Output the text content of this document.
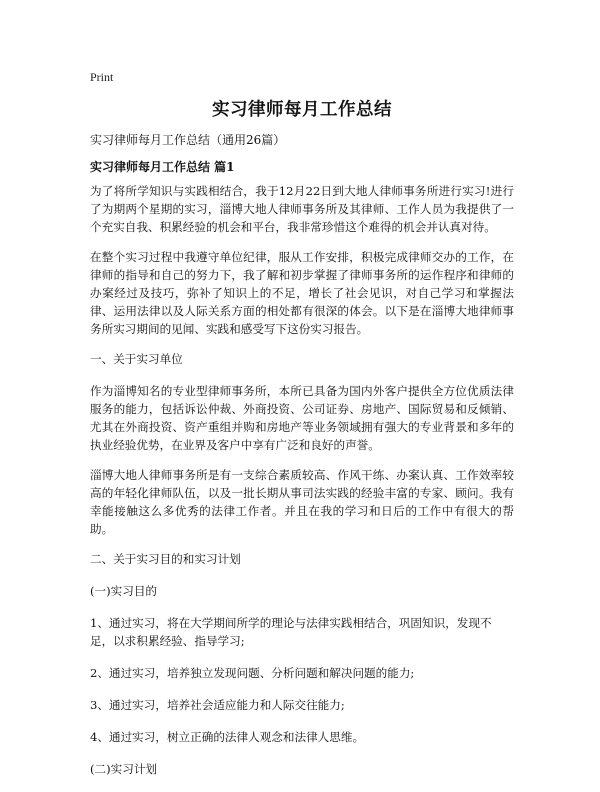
Print
实习律师每月工作总结
实习律师每月工作总结（通用26篇）
实习律师每月工作总结 篇1

为了将所学知识与实践相结合，我于12月22日到大地人律师事务所进行实习!进行了为期两个星期的实习，淄博大地人律师事务所及其律师、工作人员为我提供了一个充实自我、积累经验的机会和平台，我非常珍惜这个难得的机会并认真对待。

在整个实习过程中我遵守单位纪律，服从工作安排，积极完成律师交办的工作，在律师的指导和自己的努力下，我了解和初步掌握了律师事务所的运作程序和律师的办案经过及技巧，弥补了知识上的不足，增长了社会见识，对自己学习和掌握法律、运用法律以及人际关系方面的相处都有很深的体会。以下是在淄博大地律师事务所实习期间的见闻、实践和感受写下这份实习报告。

一、关于实习单位

作为淄博知名的专业型律师事务所，本所已具备为国内外客户提供全方位优质法律服务的能力，包括诉讼仲裁、外商投资、公司证券、房地产、国际贸易和反倾销、尤其在外商投资、资产重组并购和房地产等业务领域拥有强大的专业背景和多年的执业经验优势，在业界及客户中享有广泛和良好的声誉。

淄博大地人律师事务所是有一支综合素质较高、作风干练、办案认真、工作效率较高的年轻化律师队伍，以及一批长期从事司法实践的经验丰富的专家、顾问。我有幸能接触这么多优秀的法律工作者。并且在我的学习和日后的工作中有很大的帮助。

二、关于实习目的和实习计划

(一)实习目的

1、通过实习，将在大学期间所学的理论与法律实践相结合，巩固知识，发现不足，以求积累经验、指导学习;

2、通过实习，培养独立发现问题、分析问题和解决问题的能力;

3、通过实习，培养社会适应能力和人际交往能力;

4、通过实习，树立正确的法律人观念和法律人思维。

(二)实习计划
